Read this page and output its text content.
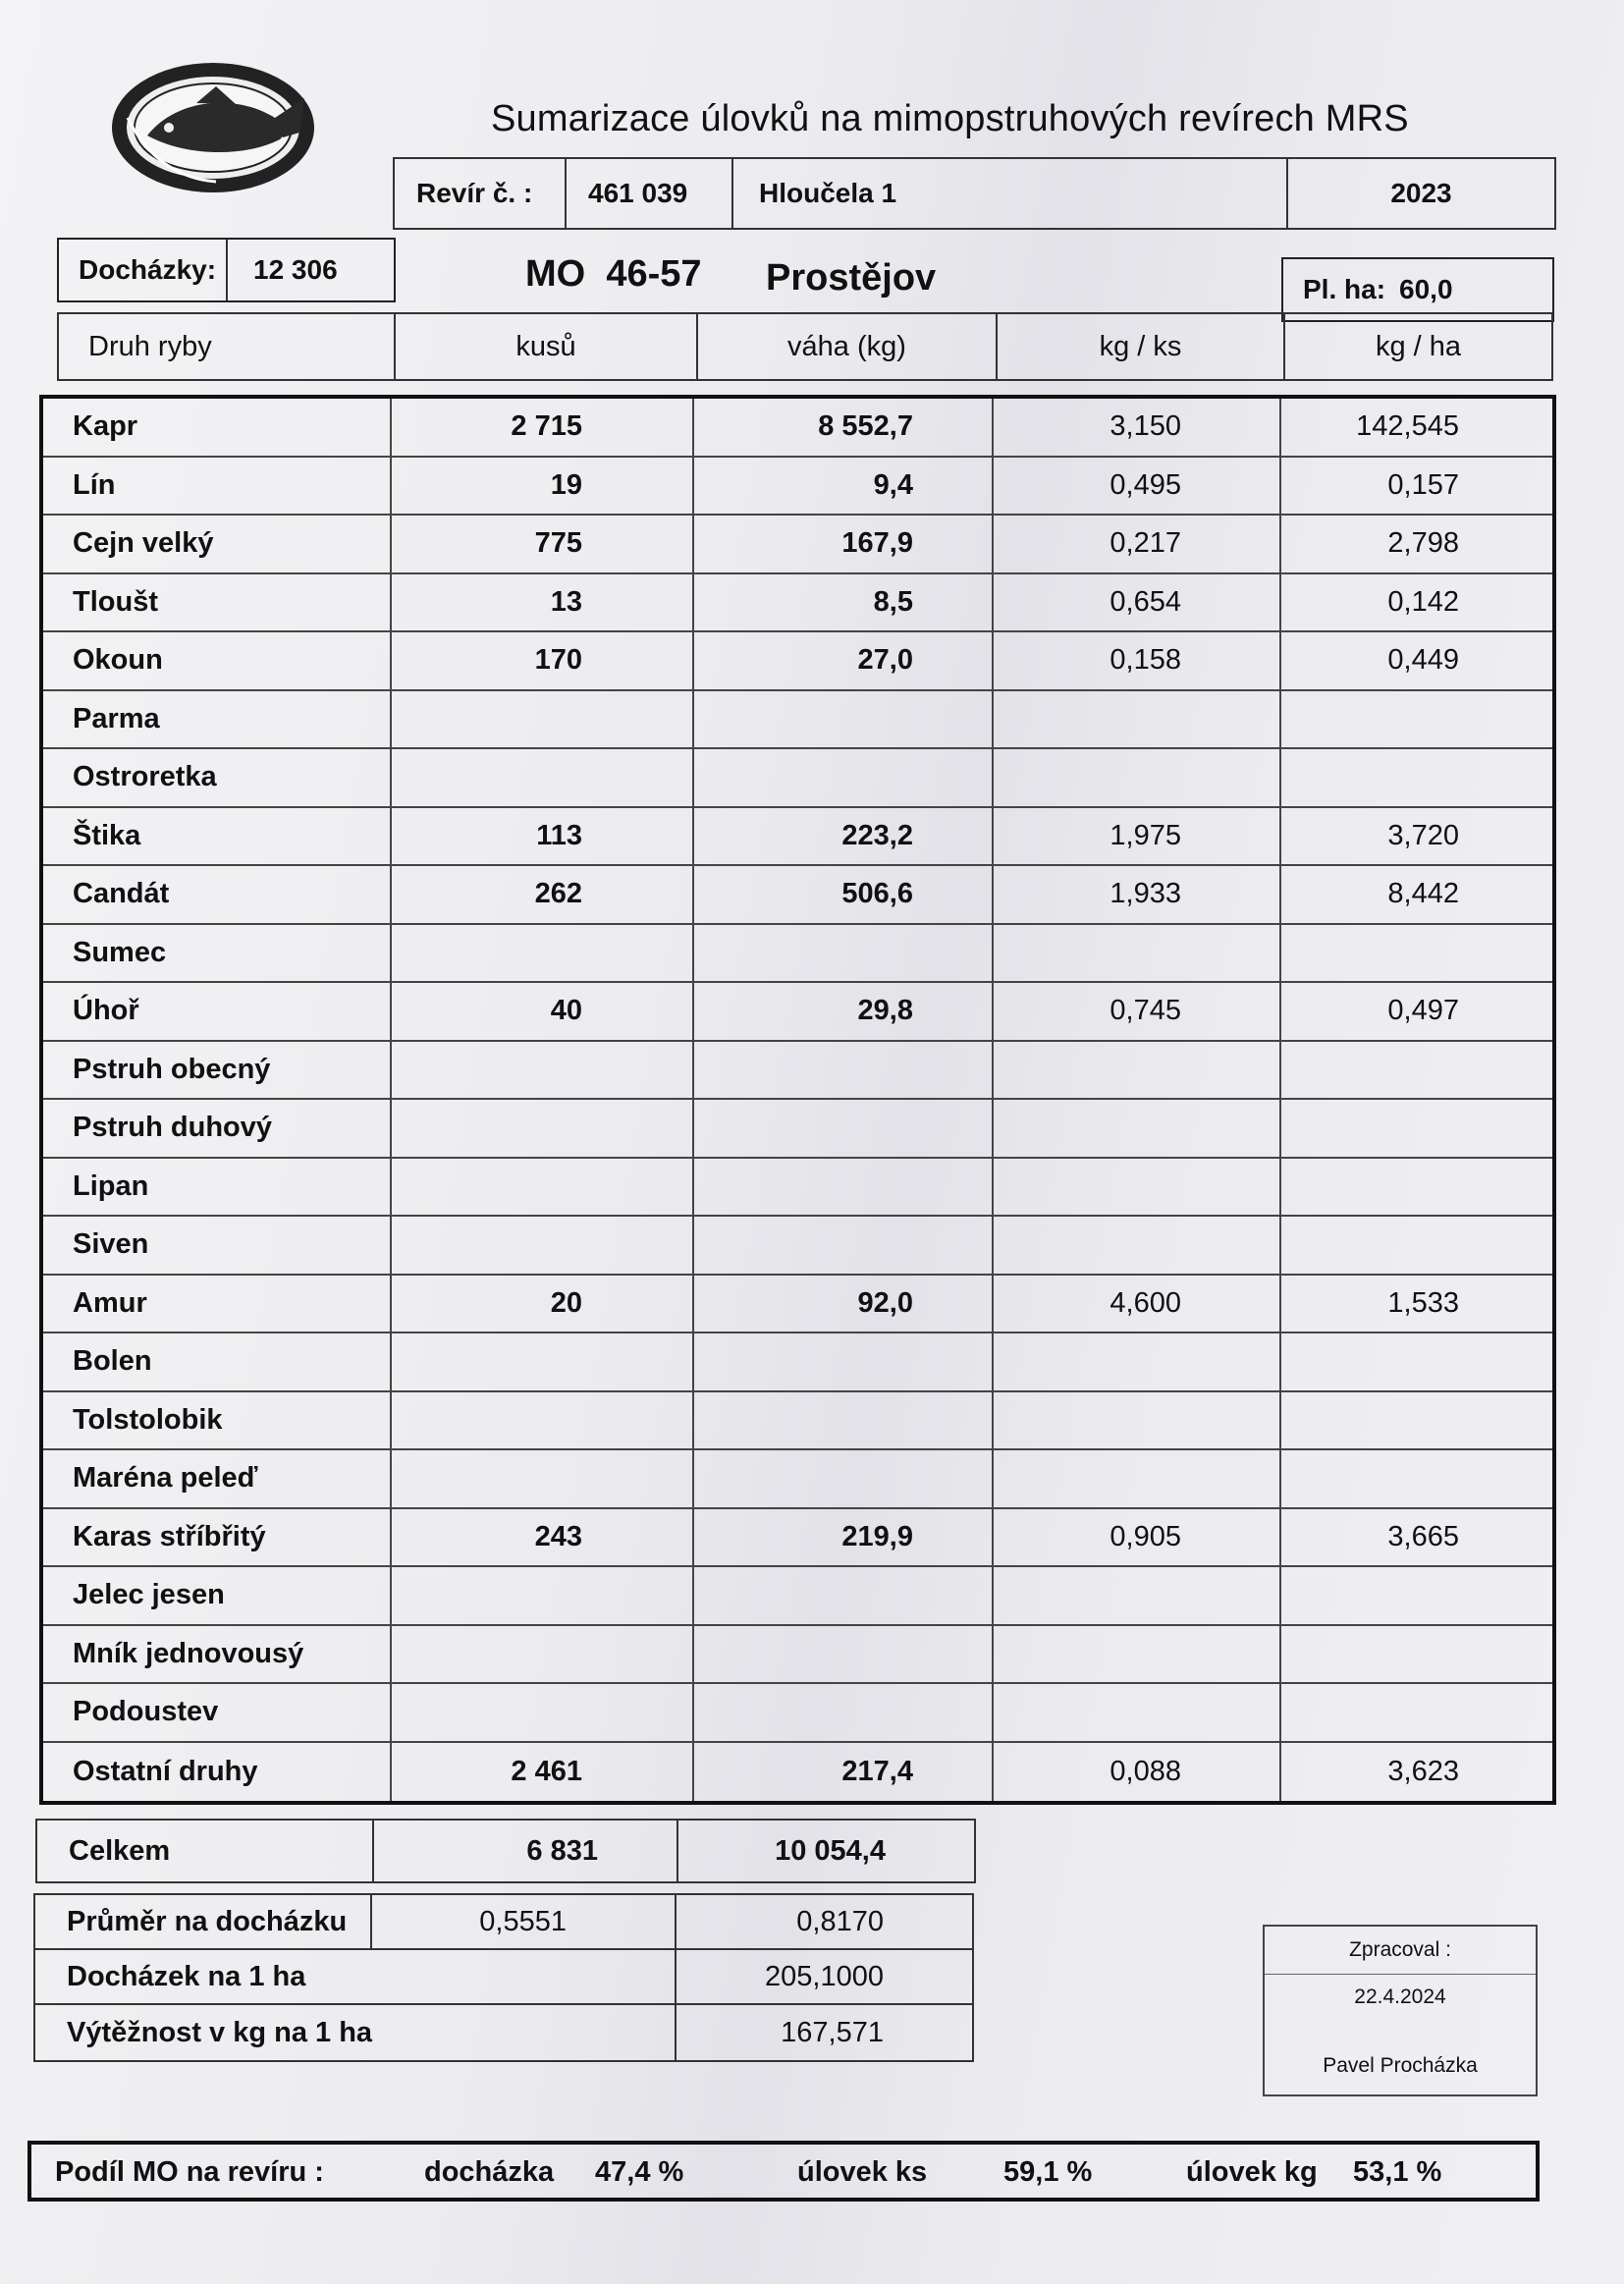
Sumarizace úlovků na mimopstruhových revírech MRS
Revír č. :	461 039	Hloučela 1	2023
Docházky:	12 306	MO  46-57 Prostějov	Pl. ha: 60,0
Druh ryby	kusů	váha (kg)	kg / ks	kg / ha
Kapr	2 715	8 552,7	3,150	142,545
Lín	19	9,4	0,495	0,157
Cejn velký	775	167,9	0,217	2,798
Tloušt	13	8,5	0,654	0,142
Okoun	170	27,0	0,158	0,449
Parma
Ostroretka
Štika	113	223,2	1,975	3,720
Candát	262	506,6	1,933	8,442
Sumec
Úhoř	40	29,8	0,745	0,497
Pstruh obecný
Pstruh duhový
Lipan
Siven
Amur	20	92,0	4,600	1,533
Bolen
Tolstolobik
Maréna peleď
Karas stříbřitý	243	219,9	0,905	3,665
Jelec jesen
Mník jednovousý
Podoustev
Ostatní druhy	2 461	217,4	0,088	3,623
Celkem	6 831	10 054,4
Průměr na docházku	0,5551	0,8170
Docházek na 1 ha	205,1000
Výtěžnost v kg na 1 ha	167,571
Zpracoval :
22.4.2024
Pavel Procházka
Podíl MO na revíru :	docházka 47,4 %	úlovek ks	59,1 %	úlovek kg 53,1 %
